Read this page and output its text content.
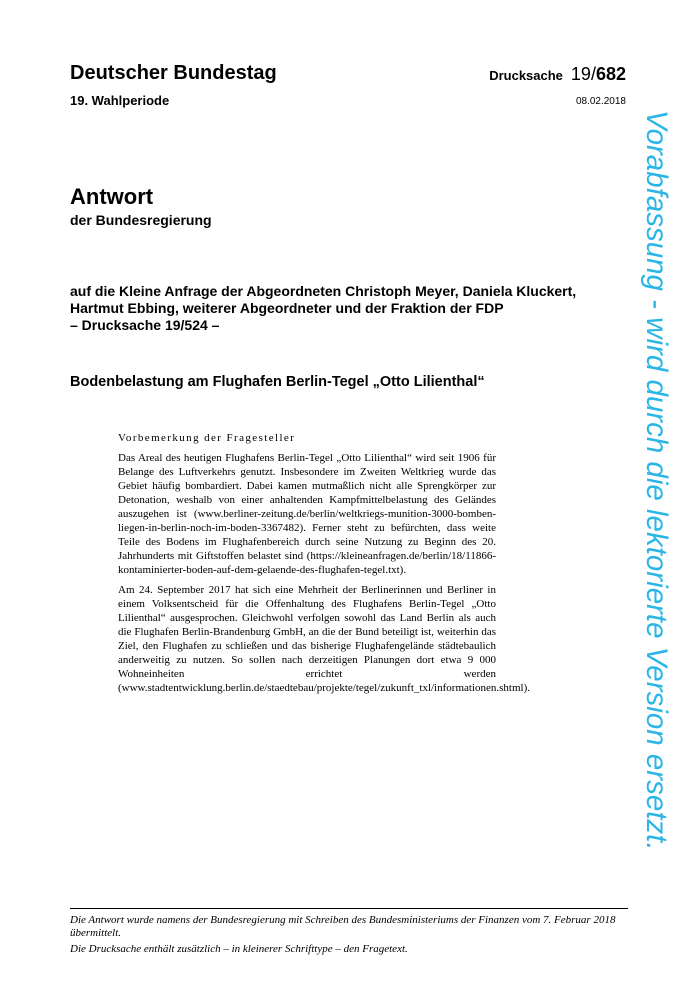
Deutscher Bundestag
19. Wahlperiode
Drucksache 19/682
08.02.2018
Antwort
der Bundesregierung
auf die Kleine Anfrage der Abgeordneten Christoph Meyer, Daniela Kluckert,
Hartmut Ebbing, weiterer Abgeordneter und der Fraktion der FDP
– Drucksache 19/524 –
Bodenbelastung am Flughafen Berlin-Tegel „Otto Lilienthal“
Vorbemerkung der Fragesteller

Das Areal des heutigen Flughafens Berlin-Tegel „Otto Lilienthal“ wird seit 1906 für Belange des Luftverkehrs genutzt. Insbesondere im Zweiten Weltkrieg wurde das Gebiet häufig bombardiert. Dabei kamen mutmaßlich nicht alle Sprengkörper zur Detonation, weshalb von einer anhaltenden Kampfmittelbelastung des Geländes auszugehen ist (www.berliner-zeitung.de/berlin/weltkriegs-munition-3000-bomben-liegen-in-berlin-noch-im-boden-3367482). Ferner steht zu befürchten, dass weite Teile des Bodens im Flughafenbereich durch seine Nutzung zu Beginn des 20. Jahrhunderts mit Giftstoffen belastet sind (https://kleineanfragen.de/berlin/18/11866-kontaminierter-boden-auf-dem-gelaende-des-flughafen-tegel.txt).

Am 24. September 2017 hat sich eine Mehrheit der Berlinerinnen und Berliner in einem Volksentscheid für die Offenhaltung des Flughafens Berlin-Tegel „Otto Lilienthal“ ausgesprochen. Gleichwohl verfolgen sowohl das Land Berlin als auch die Flughafen Berlin-Brandenburg GmbH, an die der Bund beteiligt ist, weiterhin das Ziel, den Flughafen zu schließen und das bisherige Flughafengelände städtebaulich anderweitig zu nutzen. So sollen nach derzeitigen Planungen dort etwa 9 000 Wohneinheiten errichtet werden (www.stadtentwicklung.berlin.de/staedtebau/projekte/tegel/zukunft_txl/informationen.shtml).

Die Antwort wurde namens der Bundesregierung mit Schreiben des Bundesministeriums der Finanzen vom 7. Februar 2018 übermittelt.

Die Drucksache enthält zusätzlich – in kleinerer Schrifttype – den Fragetext.

Vorabfassung - wird durch die lektorierte Version ersetzt.
